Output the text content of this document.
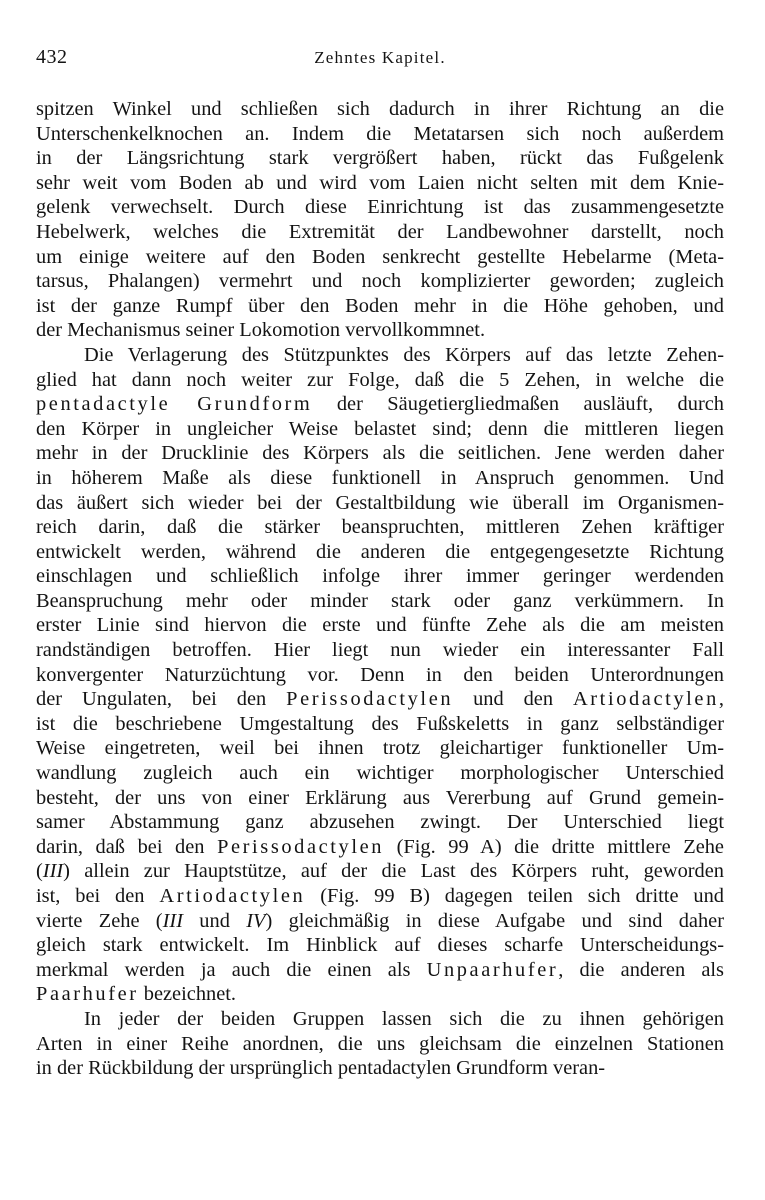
432	Zehntes Kapitel.
spitzen Winkel und schließen sich dadurch in ihrer Richtung an die
Unterschenkelknochen an. Indem die Metatarsen sich noch außerdem
in der Längsrichtung stark vergrößert haben, rückt das Fußgelenk
sehr weit vom Boden ab und wird vom Laien nicht selten mit dem Knie-
gelenk verwechselt. Durch diese Einrichtung ist das zusammengesetzte
Hebelwerk, welches die Extremität der Landbewohner darstellt, noch
um einige weitere auf den Boden senkrecht gestellte Hebelarme (Meta-
tarsus, Phalangen) vermehrt und noch komplizierter geworden; zugleich
ist der ganze Rumpf über den Boden mehr in die Höhe gehoben, und
der Mechanismus seiner Lokomotion vervollkommnet.
Die Verlagerung des Stützpunktes des Körpers auf das letzte Zehen-
glied hat dann noch weiter zur Folge, daß die 5 Zehen, in welche die
pentadactyle Grundform der Säugetiergliedmaßen ausläuft, durch
den Körper in ungleicher Weise belastet sind; denn die mittleren liegen
mehr in der Drucklinie des Körpers als die seitlichen. Jene werden daher
in höherem Maße als diese funktionell in Anspruch genommen. Und
das äußert sich wieder bei der Gestaltbildung wie überall im Organismen-
reich darin, daß die stärker beanspruchten, mittleren Zehen kräftiger
entwickelt werden, während die anderen die entgegengesetzte Richtung
einschlagen und schließlich infolge ihrer immer geringer werdenden
Beanspruchung mehr oder minder stark oder ganz verkümmern. In
erster Linie sind hiervon die erste und fünfte Zehe als die am meisten
randständigen betroffen. Hier liegt nun wieder ein interessanter Fall
konvergenter Naturzüchtung vor. Denn in den beiden Unterordnungen
der Ungulaten, bei den Perissodactylen und den Artiodactylen,
ist die beschriebene Umgestaltung des Fußskeletts in ganz selbständiger
Weise eingetreten, weil bei ihnen trotz gleichartiger funktioneller Um-
wandlung zugleich auch ein wichtiger morphologischer Unterschied
besteht, der uns von einer Erklärung aus Vererbung auf Grund gemein-
samer Abstammung ganz abzusehen zwingt. Der Unterschied liegt
darin, daß bei den Perissodactylen (Fig. 99 A) die dritte mittlere Zehe
(III) allein zur Hauptstütze, auf der die Last des Körpers ruht, geworden
ist, bei den Artiodactylen (Fig. 99 B) dagegen teilen sich dritte und
vierte Zehe (III und IV) gleichmäßig in diese Aufgabe und sind daher
gleich stark entwickelt. Im Hinblick auf dieses scharfe Unterscheidungs-
merkmal werden ja auch die einen als Unpaarhufer, die anderen als
Paarhufer bezeichnet.
In jeder der beiden Gruppen lassen sich die zu ihnen gehörigen
Arten in einer Reihe anordnen, die uns gleichsam die einzelnen Stationen
in der Rückbildung der ursprünglich pentadactylen Grundform veran-
